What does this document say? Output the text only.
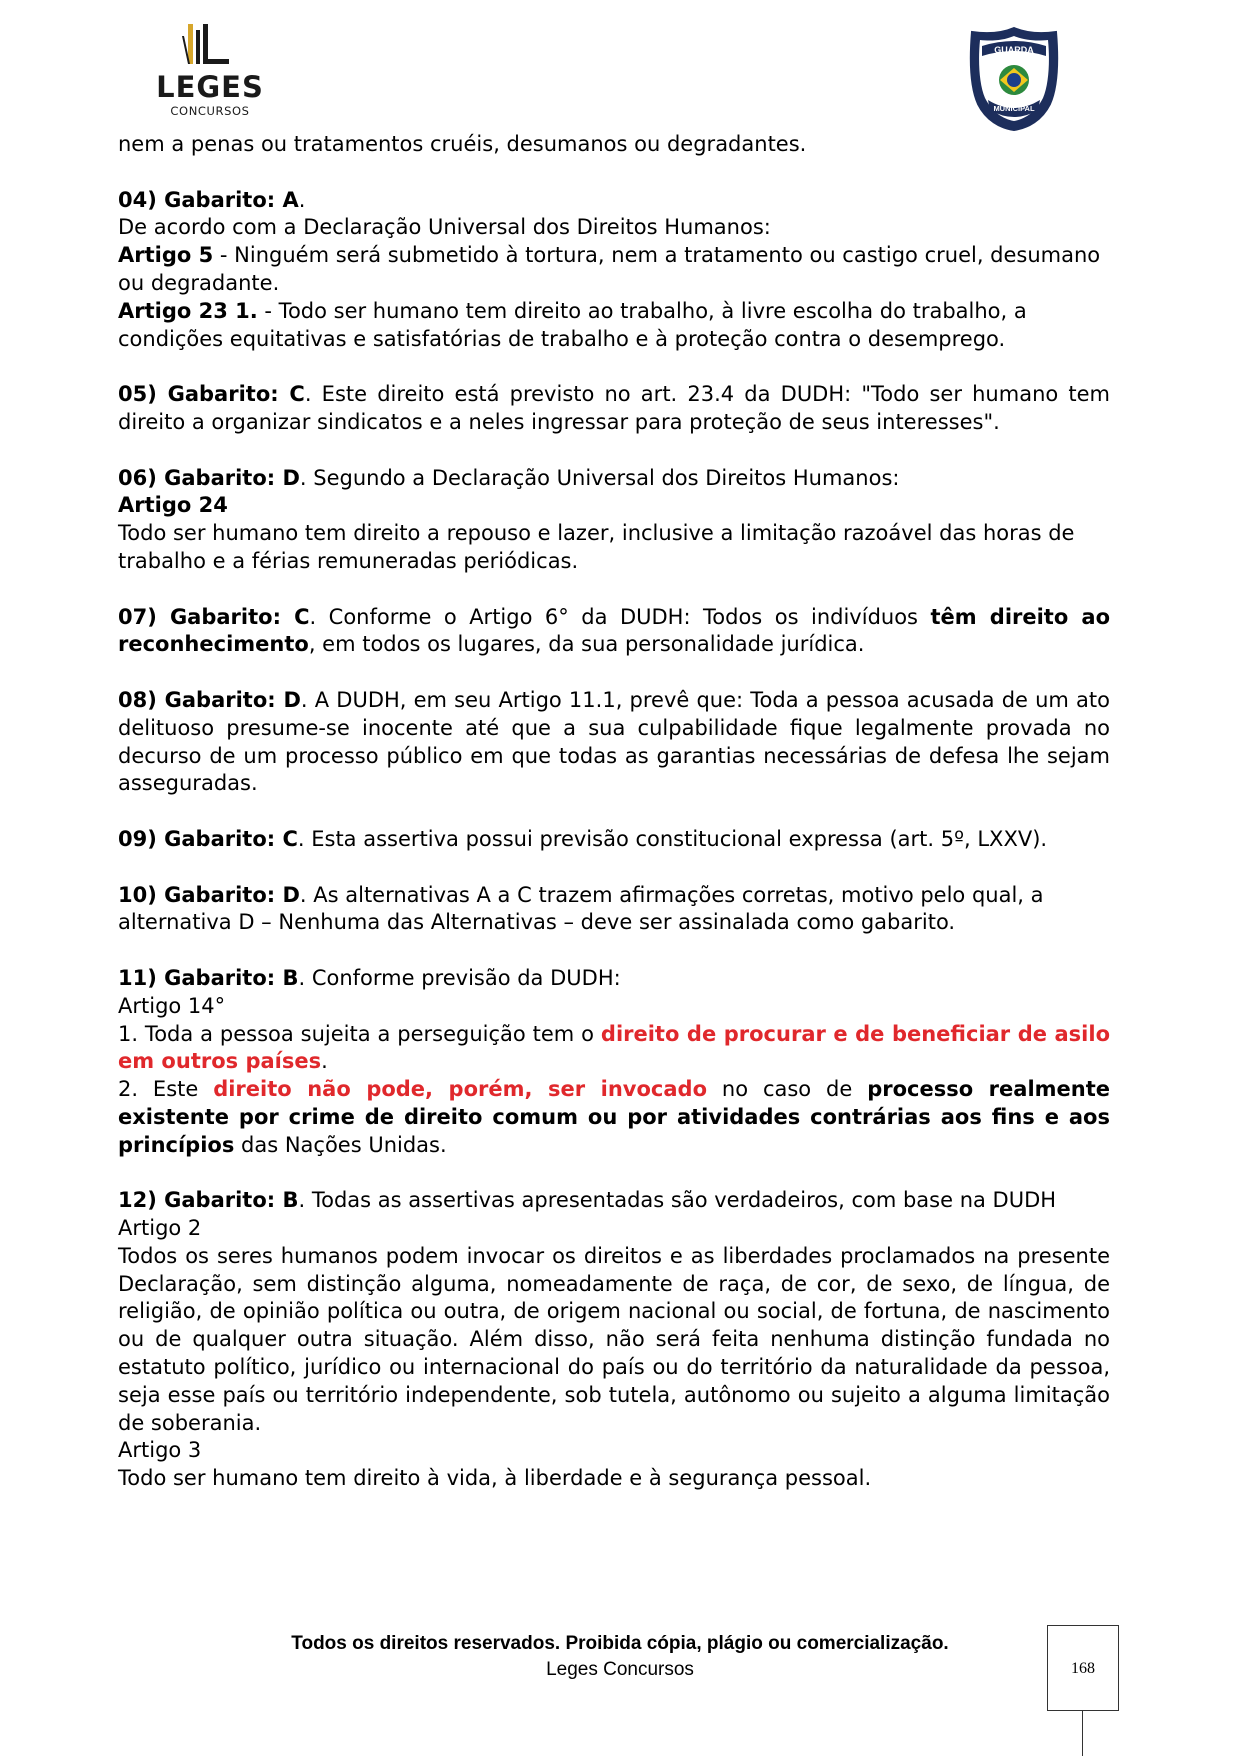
LEGES
CONCURSOS
GUARDA
MUNICIPAL

nem a penas ou tratamentos cruéis, desumanos ou degradantes.

04) Gabarito: A.

De acordo com a Declaração Universal dos Direitos Humanos:

Artigo 5 - Ninguém será submetido à tortura, nem a tratamento ou castigo cruel, desumano ou degradante.

Artigo 23 1. - Todo ser humano tem direito ao trabalho, à livre escolha do trabalho, a condições equitativas e satisfatórias de trabalho e à proteção contra o desemprego.

05) Gabarito: C. Este direito está previsto no art. 23.4 da DUDH: "Todo ser humano tem direito a organizar sindicatos e a neles ingressar para proteção de seus interesses".

06) Gabarito: D. Segundo a Declaração Universal dos Direitos Humanos:

Artigo 24

Todo ser humano tem direito a repouso e lazer, inclusive a limitação razoável das horas de trabalho e a férias remuneradas periódicas.

07) Gabarito: C. Conforme o Artigo 6° da DUDH: Todos os indivíduos têm direito ao reconhecimento, em todos os lugares, da sua personalidade jurídica.

08) Gabarito: D. A DUDH, em seu Artigo 11.1, prevê que: Toda a pessoa acusada de um ato delituoso presume-se inocente até que a sua culpabilidade fique legalmente provada no decurso de um processo público em que todas as garantias necessárias de defesa lhe sejam asseguradas.

09) Gabarito: C. Esta assertiva possui previsão constitucional expressa (art. 5º, LXXV).

10) Gabarito: D. As alternativas A a C trazem afirmações corretas, motivo pelo qual, a alternativa D – Nenhuma das Alternativas – deve ser assinalada como gabarito.

11) Gabarito: B. Conforme previsão da DUDH:

Artigo 14°

1. Toda a pessoa sujeita a perseguição tem o direito de procurar e de beneficiar de asilo em outros países.

2. Este direito não pode, porém, ser invocado no caso de processo realmente existente por crime de direito comum ou por atividades contrárias aos fins e aos princípios das Nações Unidas.

12) Gabarito: B. Todas as assertivas apresentadas são verdadeiros, com base na DUDH

Artigo 2

Todos os seres humanos podem invocar os direitos e as liberdades proclamados na presente Declaração, sem distinção alguma, nomeadamente de raça, de cor, de sexo, de língua, de religião, de opinião política ou outra, de origem nacional ou social, de fortuna, de nascimento ou de qualquer outra situação. Além disso, não será feita nenhuma distinção fundada no estatuto político, jurídico ou internacional do país ou do território da naturalidade da pessoa, seja esse país ou território independente, sob tutela, autônomo ou sujeito a alguma limitação de soberania.

Artigo 3

Todo ser humano tem direito à vida, à liberdade e à segurança pessoal.

Todos os direitos reservados. Proibida cópia, plágio ou comercialização.
Leges Concursos	168
